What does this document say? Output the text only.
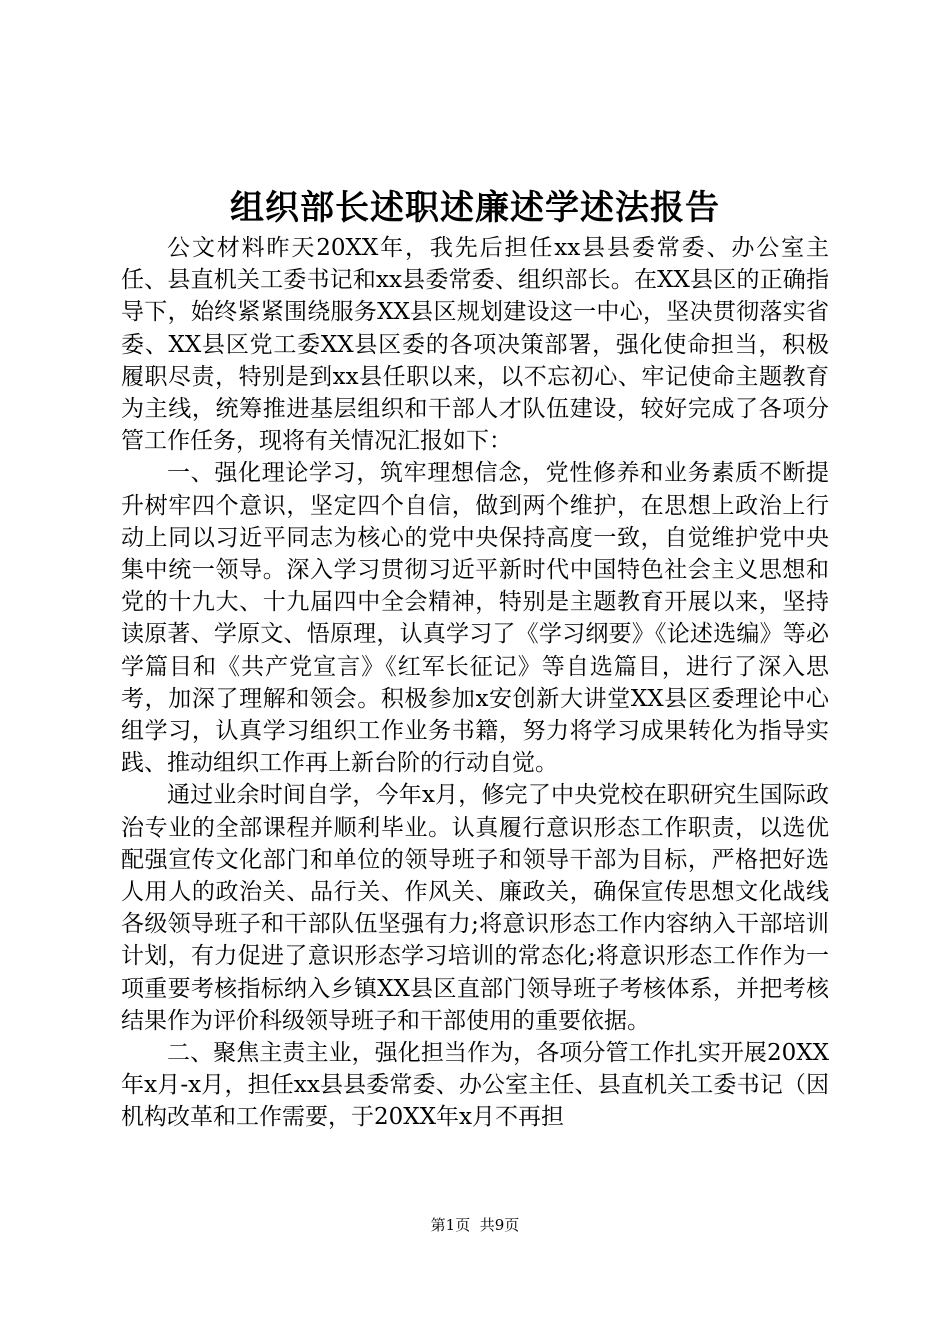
组织部长述职述廉述学述法报告

公文材料昨天20XX年，我先后担任xx县县委常委、办公室主任、县直机关工委书记和xx县委常委、组织部长。在XX县区的正确指导下，始终紧紧围绕服务XX县区规划建设这一中心，坚决贯彻落实省委、XX县区党工委XX县区委的各项决策部署，强化使命担当，积极履职尽责，特别是到xx县任职以来，以不忘初心、牢记使命主题教育为主线，统筹推进基层组织和干部人才队伍建设，较好完成了各项分管工作任务，现将有关情况汇报如下：

一、强化理论学习，筑牢理想信念，党性修养和业务素质不断提升树牢四个意识，坚定四个自信，做到两个维护，在思想上政治上行动上同以习近平同志为核心的党中央保持高度一致，自觉维护党中央集中统一领导。深入学习贯彻习近平新时代中国特色社会主义思想和党的十九大、十九届四中全会精神，特别是主题教育开展以来，坚持读原著、学原文、悟原理，认真学习了《学习纲要》《论述选编》等必学篇目和《共产党宣言》《红军长征记》等自选篇目，进行了深入思考，加深了理解和领会。积极参加x安创新大讲堂XX县区委理论中心组学习，认真学习组织工作业务书籍，努力将学习成果转化为指导实践、推动组织工作再上新台阶的行动自觉。

通过业余时间自学，今年x月，修完了中央党校在职研究生国际政治专业的全部课程并顺利毕业。认真履行意识形态工作职责，以选优配强宣传文化部门和单位的领导班子和领导干部为目标，严格把好选人用人的政治关、品行关、作风关、廉政关，确保宣传思想文化战线各级领导班子和干部队伍坚强有力;将意识形态工作内容纳入干部培训计划，有力促进了意识形态学习培训的常态化;将意识形态工作作为一项重要考核指标纳入乡镇XX县区直部门领导班子考核体系，并把考核结果作为评价科级领导班子和干部使用的重要依据。

二、聚焦主责主业，强化担当作为，各项分管工作扎实开展20XX年x月-x月，担任xx县县委常委、办公室主任、县直机关工委书记（因机构改革和工作需要，于20XX年x月不再担

第1页 共9页
